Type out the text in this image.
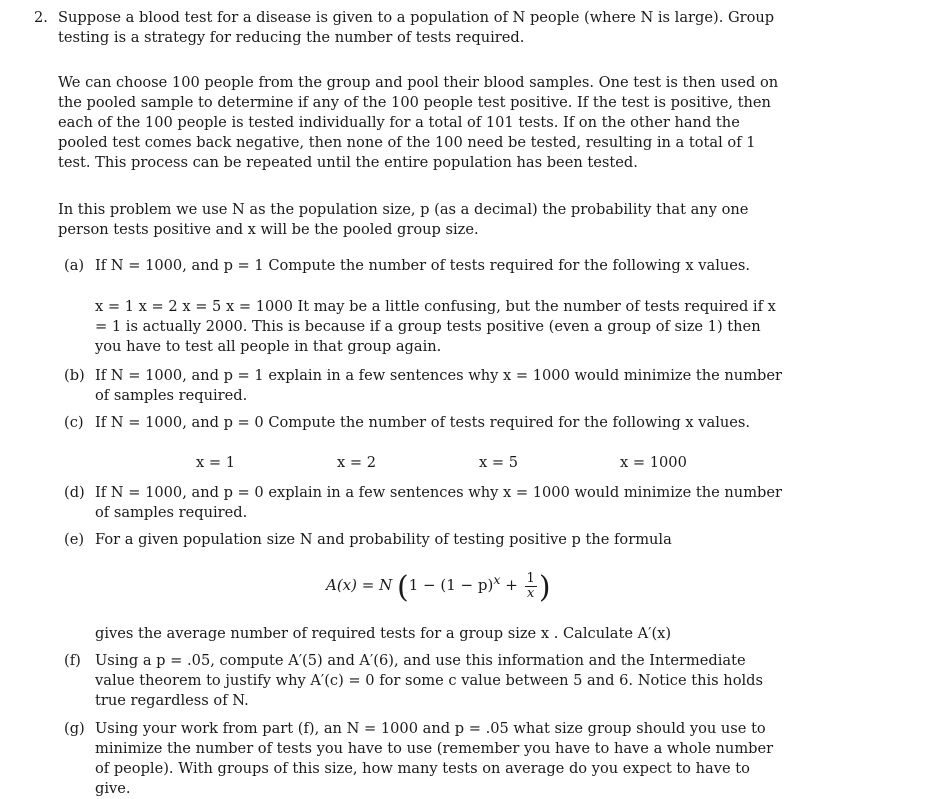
2. Suppose a blood test for a disease is given to a population of N people (where N is large). Group testing is a strategy for reducing the number of tests required.

We can choose 100 people from the group and pool their blood samples. One test is then used on the pooled sample to determine if any of the 100 people test positive. If the test is positive, then each of the 100 people is tested individually for a total of 101 tests. If on the other hand the pooled test comes back negative, then none of the 100 need be tested, resulting in a total of 1 test. This process can be repeated until the entire population has been tested.

In this problem we use N as the population size, p (as a decimal) the probability that any one person tests positive and x will be the pooled group size.

(a) If N = 1000, and p = 1 Compute the number of tests required for the following x values.

x = 1 x = 2 x = 5 x = 1000 It may be a little confusing, but the number of tests required if x = 1 is actually 2000. This is because if a group tests positive (even a group of size 1) then you have to test all people in that group again.

(b) If N = 1000, and p = 1 explain in a few sentences why x = 1000 would minimize the number of samples required.
(c) If N = 1000, and p = 0 Compute the number of tests required for the following x values.
x = 1	x = 2	x = 5	x = 1000
(d) If N = 1000, and p = 0 explain in a few sentences why x = 1000 would minimize the number of samples required.
(e) For a given population size N and probability of testing positive p the formula
A(x) = N ($1 - (1 - p)^x + \frac{1}{x}$ )

gives the average number of required tests for a group size x . Calculate A′(x)

(f) Using a p = .05, compute A′(5) and A′(6), and use this information and the Intermediate value theorem to justify why A′(c) = 0 for some c value between 5 and 6. Notice this holds true regardless of N.
(g) Using your work from part (f), an N = 1000 and p = .05 what size group should you use to minimize the number of tests you have to use (remember you have to have a whole number of people). With groups of this size, how many tests on average do you expect to have to give.
